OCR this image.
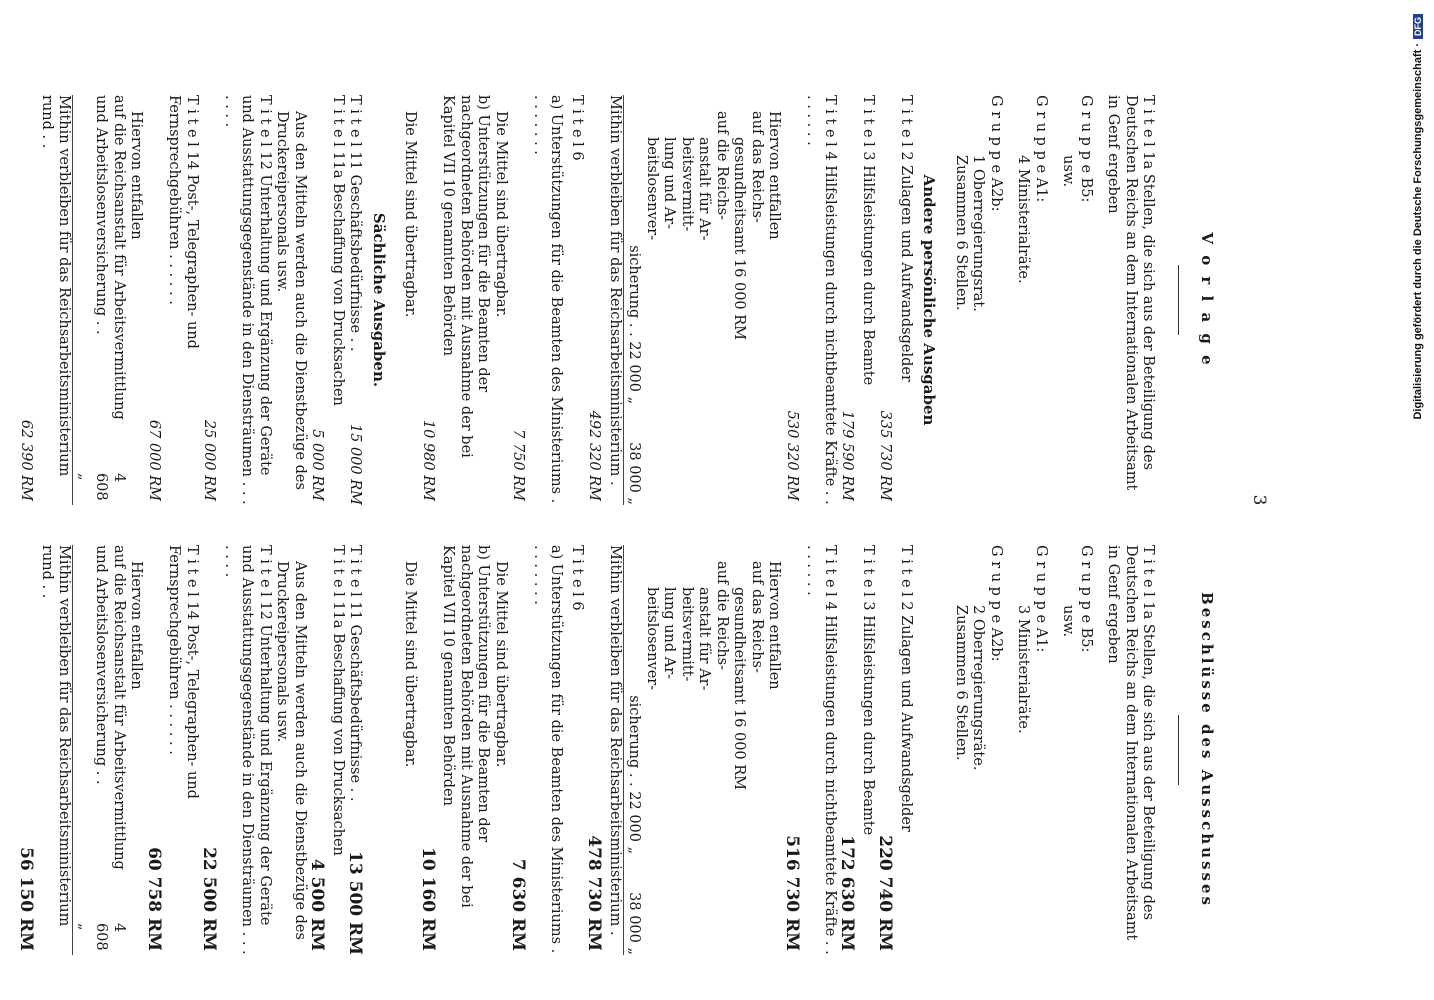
3
V o r l a g e
T i t e l 1a Stellen, die sich aus der Beteiligung des Deutschen Reichs an dem Internationalen Arbeitsamt in Genf ergeben
G r u p p e B5:
usw.
G r u p p e A1:
4 Ministerialräte.
G r u p p e A2b:
1 Oberregierungsrat.
Zusammen 6 Stellen.
Andere persönliche Ausgaben
T i t e l 2 Zulagen und Aufwandsgelder
335 730 RM
T i t e l 3 Hilfsleistungen durch Beamte
179 590 RM
T i t e l 4 Hilfsleistungen durch nichtbeamtete Kräfte . . . . . . . .
530 320 RM
Hiervon entfallen
auf das Reichs-
gesundheitsamt 16 000 RM
auf die Reichs-
anstalt für Ar-
beitsvermitt-
lung und Ar-
beitslosenver-
sicherung . . 22 000 „
38 000 „
Mithin verbleiben für das Reichsarbeitsministerium .
492 320 RM
T i t e l 6
a) Unterstützungen für die Beamten des Ministeriums . . . . . . . .
7 750 RM
Die Mittel sind übertragbar.
b) Unterstützungen für die Beamten der nachgeordneten Behörden mit Ausnahme der bei Kapitel VII 10 genannten Behörden
10 980 RM
Die Mittel sind übertragbar.
Sächliche Ausgaben.
T i t e l 11 Geschäftsbedürfnisse . .
15 000 RM
T i t e l 11a Beschaffung von Drucksachen
5 000 RM
Aus den Mitteln werden auch die Dienstbezüge des Druckereipersonals usw.
T i t e l 12 Unterhaltung und Ergänzung der Geräte und Ausstattungsgegenstände in den Diensträumen . . . . . . .
25 000 RM
T i t e l 14 Post-, Telegraphen- und Fernsprechgebühren . . . . . .
67 000 RM
Hiervon entfallen
auf die Reichsanstalt für Arbeitsvermittlung und Arbeitslosenversicherung . .
4 608 „
Mithin verbleiben für das Reichsarbeitsministerium rund . .
62 390 RM
Beschlüsse des Ausschusses
T i t e l 1a Stellen, die sich aus der Beteiligung des Deutschen Reichs an dem Internationalen Arbeitsamt in Genf ergeben
G r u p p e B5:
usw.
G r u p p e A1:
3 Ministerialräte.
G r u p p e A2b:
2 Oberregierungsräte.
Zusammen 6 Stellen.
T i t e l 2 Zulagen und Aufwandsgelder
220 740 RM
T i t e l 3 Hilfsleistungen durch Beamte
172 630 RM
T i t e l 4 Hilfsleistungen durch nichtbeamtete Kräfte . . . . . . . .
516 730 RM
Hiervon entfallen
auf das Reichs-
gesundheitsamt 16 000 RM
auf die Reichs-
anstalt für Ar-
beitsvermitt-
lung und Ar-
beitslosenver-
sicherung . . 22 000 „
38 000 „
Mithin verbleiben für das Reichsarbeitsministerium .
478 730 RM
T i t e l 6
a) Unterstützungen für die Beamten des Ministeriums . . . . . . . .
7 630 RM
Die Mittel sind übertragbar.
b) Unterstützungen für die Beamten der nachgeordneten Behörden mit Ausnahme der bei Kapitel VII 10 genannten Behörden
10 160 RM
Die Mittel sind übertragbar.
T i t e l 11 Geschäftsbedürfnisse . .
13 500 RM
T i t e l 11a Beschaffung von Drucksachen
4 500 RM
Aus den Mitteln werden auch die Dienstbezüge des Druckereipersonals usw.
T i t e l 12 Unterhaltung und Ergänzung der Geräte und Ausstattungsgegenstände in den Diensträumen . . . . . . .
22 500 RM
T i t e l 14 Post-, Telegraphen- und Fernsprechgebühren . . . . . .
60 758 RM
Hiervon entfallen
auf die Reichsanstalt für Arbeitsvermittlung und Arbeitslosenversicherung . .
4 608 „
Mithin verbleiben für das Reichsarbeitsministerium rund . .
56 150 RM
Digitalisierung gefördert durch die Deutsche Forschungsgemeinschaft ·DFG
